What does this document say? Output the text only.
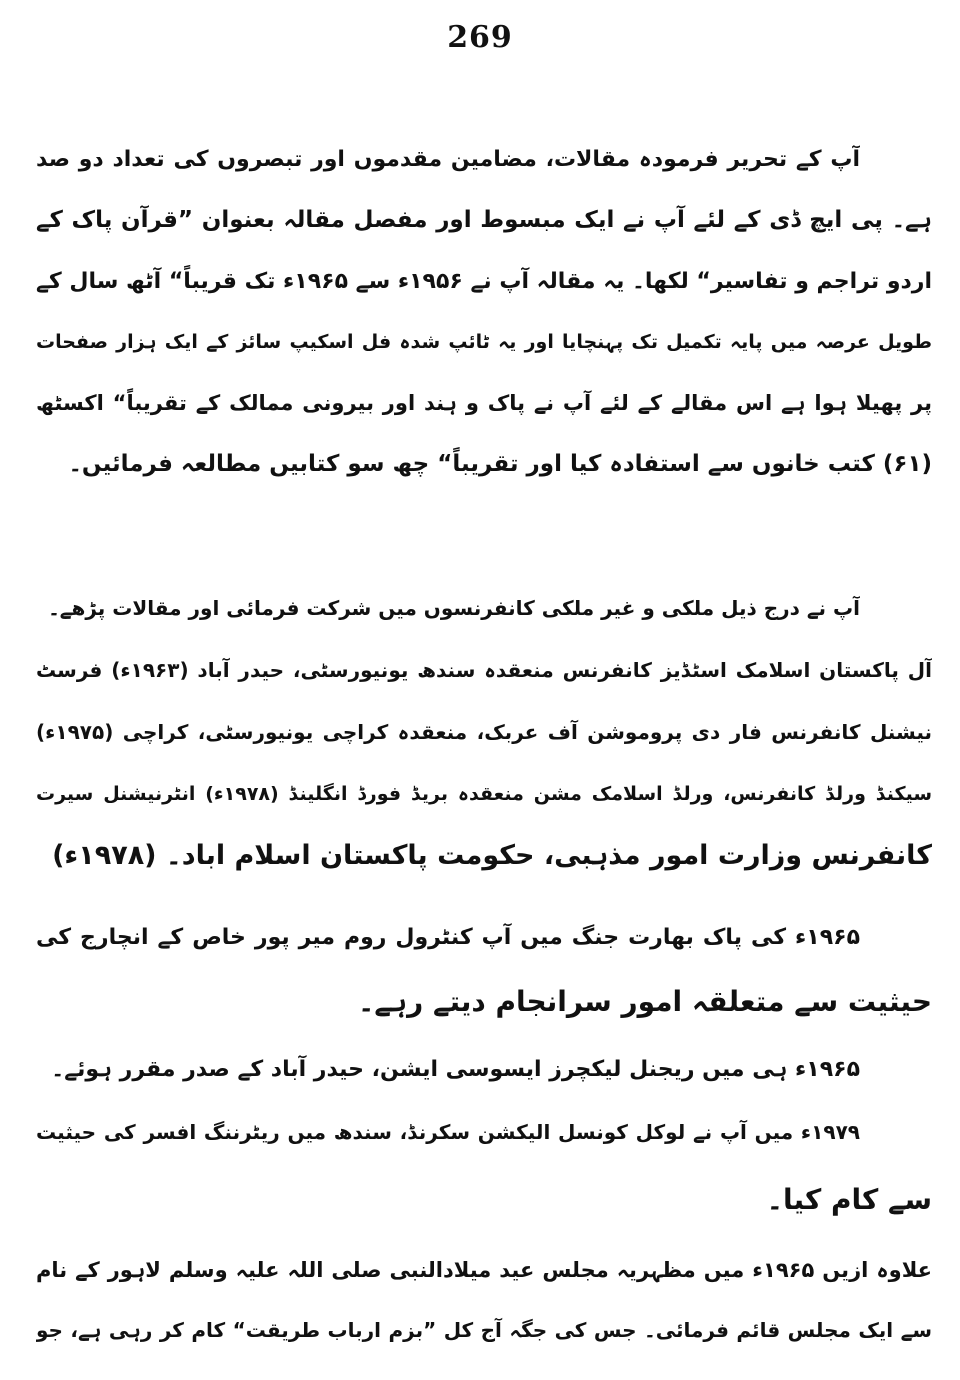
269
آپ کے تحریر فرمودہ مقالات، مضامین مقدموں اور تبصروں کی تعداد دو صد
ہے۔ پی ایچ ڈی کے لئے آپ نے ایک مبسوط اور مفصل مقالہ بعنوان ”قرآن پاک کے
اردو تراجم و تفاسیر“ لکھا۔ یہ مقالہ آپ نے ۱۹۵۶ء سے ۱۹۶۵ء تک قریباً“ آٹھ سال کے
طویل عرصہ میں پایہ تکمیل تک پہنچایا اور یہ ٹائپ شدہ فل اسکیپ سائز کے ایک ہزار صفحات
پر پھیلا ہوا ہے اس مقالے کے لئے آپ نے پاک و ہند اور بیرونی ممالک کے تقریباً“ اکسٹھ
(۶۱) کتب خانوں سے استفادہ کیا اور تقریباً“ چھ سو کتابیں مطالعہ فرمائیں۔
آپ نے درج ذیل ملکی و غیر ملکی کانفرنسوں میں شرکت فرمائی اور مقالات پڑھے۔
آل پاکستان اسلامک اسٹڈیز کانفرنس منعقدہ سندھ یونیورسٹی، حیدر آباد (۱۹۶۳ء) فرسٹ
نیشنل کانفرنس فار دی پروموشن آف عربک، منعقدہ کراچی یونیورسٹی، کراچی (۱۹۷۵ء)
سیکنڈ ورلڈ کانفرنس، ورلڈ اسلامک مشن منعقدہ بریڈ فورڈ انگلینڈ (۱۹۷۸ء) انٹرنیشنل سیرت
کانفرنس وزارت امور مذہبی، حکومت پاکستان اسلام اباد۔ (۱۹۷۸ء)
۱۹۶۵ء کی پاک بھارت جنگ میں آپ کنٹرول روم میر پور خاص کے انچارج کی
حیثیت سے متعلقہ امور سرانجام دیتے رہے۔
۱۹۶۵ء ہی میں ریجنل لیکچرز ایسوسی ایشن، حیدر آباد کے صدر مقرر ہوئے۔
۱۹۷۹ء میں آپ نے لوکل کونسل الیکشن سکرنڈ، سندھ میں ریٹرننگ افسر کی حیثیت
سے کام کیا۔
علاوہ ازیں ۱۹۶۵ء میں مظہریہ مجلس عید میلادالنبی صلی اللہ علیہ وسلم لاہور کے نام
سے ایک مجلس قائم فرمائی۔ جس کی جگہ آج کل ”بزم ارباب طریقت“ کام کر رہی ہے، جو
